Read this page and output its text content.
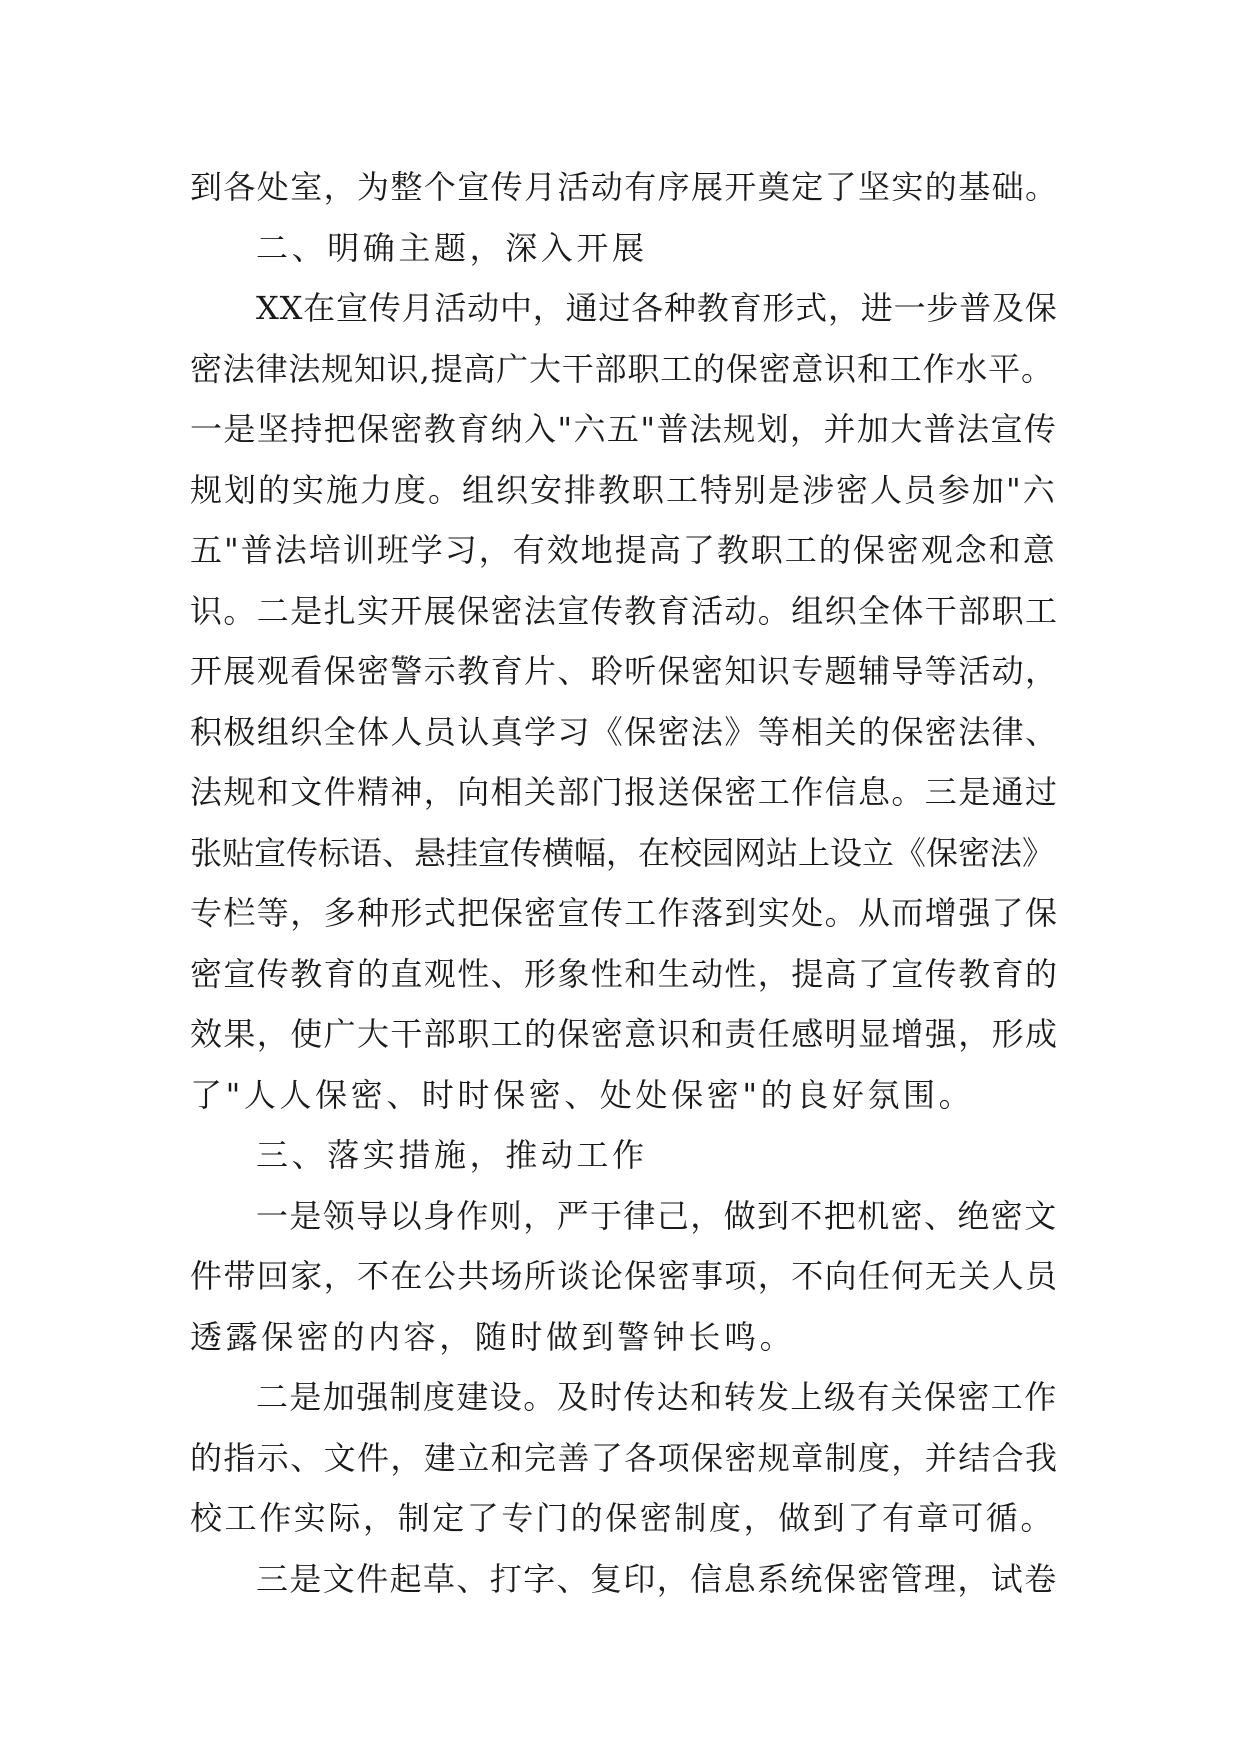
到各处室，为整个宣传月活动有序展开奠定了坚实的基础。
二、明确主题，深入开展
XX在宣传月活动中，通过各种教育形式，进一步普及保
密法律法规知识,提高广大干部职工的保密意识和工作水平。
一是坚持把保密教育纳入"六五"普法规划，并加大普法宣传
规划的实施力度。组织安排教职工特别是涉密人员参加"六
五"普法培训班学习，有效地提高了教职工的保密观念和意
识。二是扎实开展保密法宣传教育活动。组织全体干部职工
开展观看保密警示教育片、聆听保密知识专题辅导等活动，
积极组织全体人员认真学习《保密法》等相关的保密法律、
法规和文件精神，向相关部门报送保密工作信息。三是通过
张贴宣传标语、悬挂宣传横幅，在校园网站上设立《保密法》
专栏等，多种形式把保密宣传工作落到实处。从而增强了保
密宣传教育的直观性、形象性和生动性，提高了宣传教育的
效果，使广大干部职工的保密意识和责任感明显增强，形成
了"人人保密、时时保密、处处保密"的良好氛围。
三、落实措施，推动工作
一是领导以身作则，严于律己，做到不把机密、绝密文
件带回家，不在公共场所谈论保密事项，不向任何无关人员
透露保密的内容，随时做到警钟长鸣。
二是加强制度建设。及时传达和转发上级有关保密工作
的指示、文件，建立和完善了各项保密规章制度，并结合我
校工作实际，制定了专门的保密制度，做到了有章可循。
三是文件起草、打字、复印，信息系统保密管理，试卷
